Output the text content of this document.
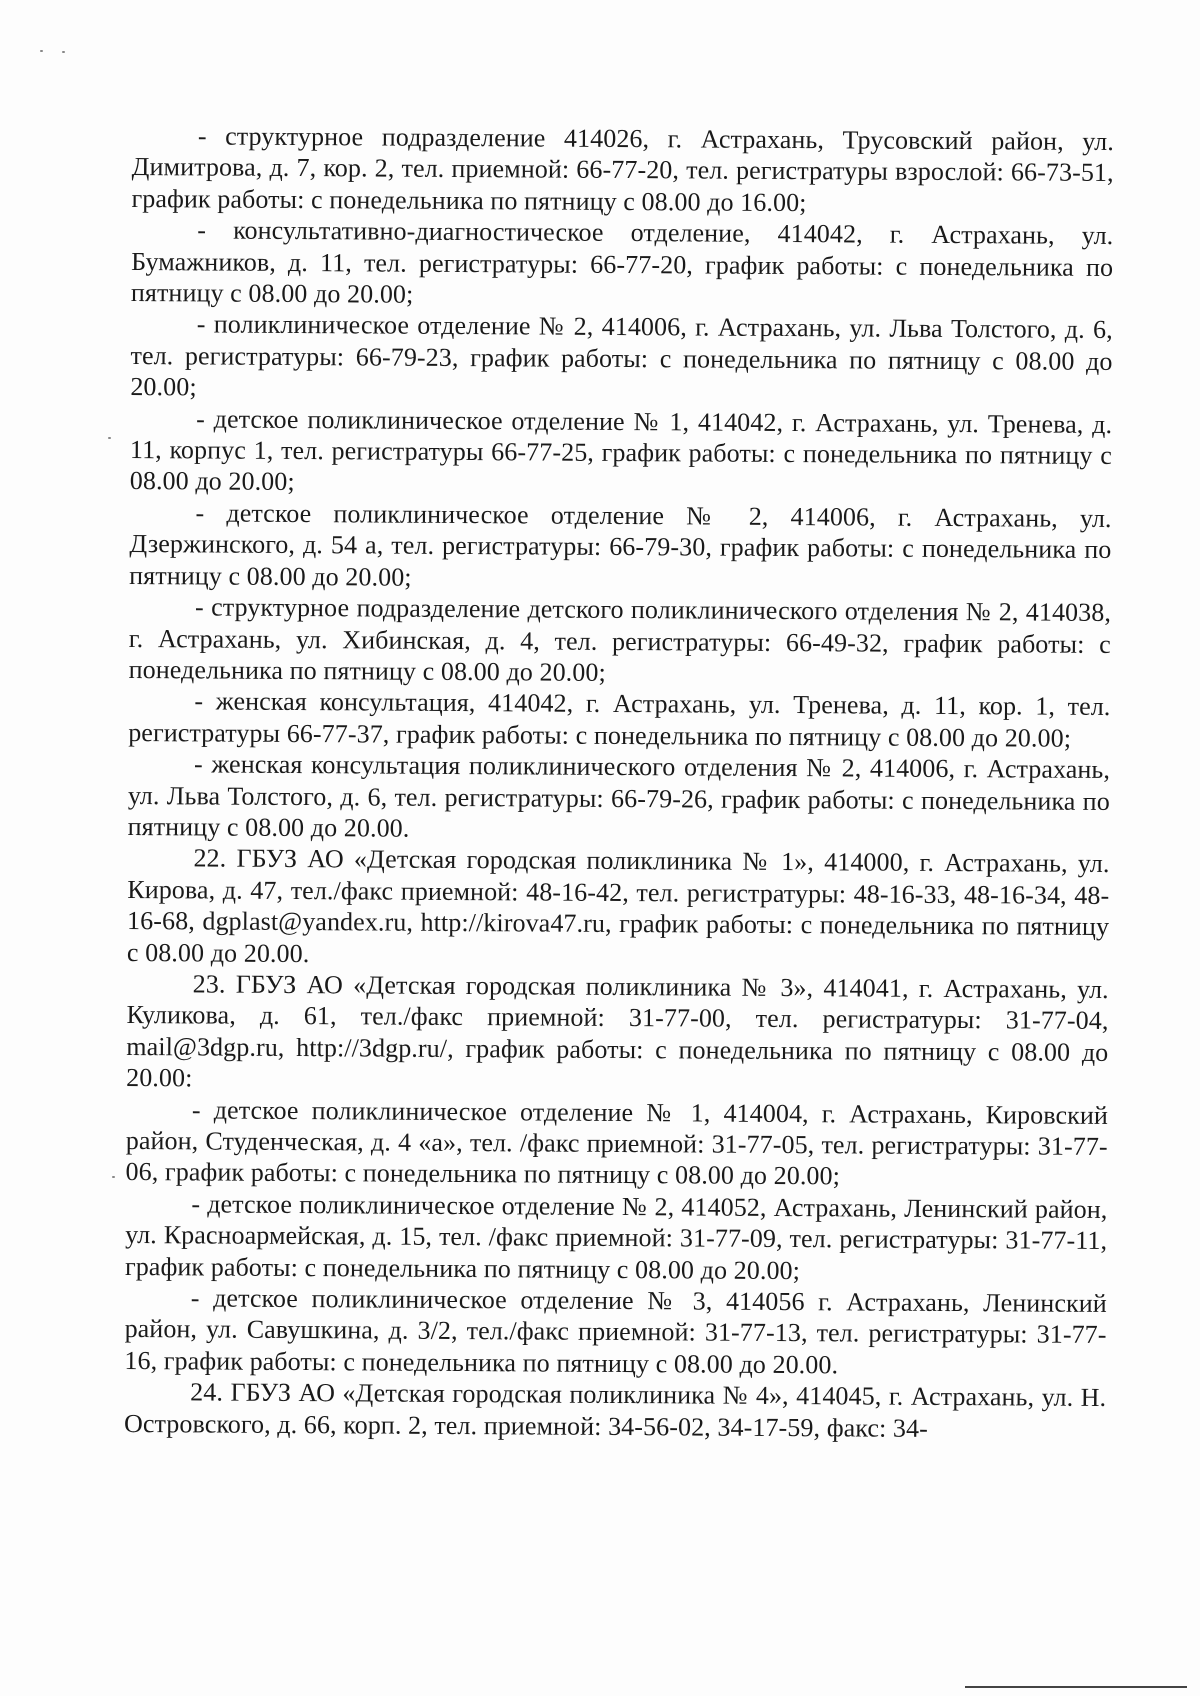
- структурное подразделение 414026, г. Астрахань, Трусовский район, ул. Димитрова, д. 7, кор. 2, тел. приемной: 66-77-20, тел. регистратуры взрослой: 66-73-51, график работы: с понедельника по пятницу с 08.00 до 16.00;

- консультативно-диагностическое отделение, 414042, г. Астрахань, ул. Бумажников, д. 11, тел. регистратуры: 66-77-20, график работы: с понедельника по пятницу с 08.00 до 20.00;

- поликлиническое отделение № 2, 414006, г. Астрахань, ул. Льва Толстого, д. 6, тел. регистратуры: 66-79-23, график работы: с понедельника по пятницу с 08.00 до 20.00;

- детское поликлиническое отделение № 1, 414042, г. Астрахань, ул. Тренева, д. 11, корпус 1, тел. регистратуры 66-77-25, график работы: с понедельника по пятницу с 08.00 до 20.00;

- детское поликлиническое отделение № 2, 414006, г. Астрахань, ул. Дзержинского, д. 54 а, тел. регистратуры: 66-79-30, график работы: с понедельника по пятницу с 08.00 до 20.00;

- структурное подразделение детского поликлинического отделения № 2, 414038, г. Астрахань, ул. Хибинская, д. 4, тел. регистратуры: 66-49-32, график работы: с понедельника по пятницу с 08.00 до 20.00;

- женская консультация, 414042, г. Астрахань, ул. Тренева, д. 11, кор. 1, тел. регистратуры 66-77-37, график работы: с понедельника по пятницу с 08.00 до 20.00;

- женская консультация поликлинического отделения № 2, 414006, г. Астрахань, ул. Льва Толстого, д. 6, тел. регистратуры: 66-79-26, график работы: с понедельника по пятницу с 08.00 до 20.00.

22. ГБУЗ АО «Детская городская поликлиника № 1», 414000, г. Астрахань, ул. Кирова, д. 47, тел./факс приемной: 48-16-42, тел. регистратуры: 48-16-33, 48-16-34, 48-16-68, dgplast@yandex.ru, http://kirova47.ru, график работы: с понедельника по пятницу с 08.00 до 20.00.

23. ГБУЗ АО «Детская городская поликлиника № 3», 414041, г. Астрахань, ул. Куликова, д. 61, тел./факс приемной: 31-77-00, тел. регистратуры: 31-77-04, mail@3dgp.ru, http://3dgp.ru/, график работы: с понедельника по пятницу с 08.00 до 20.00:

- детское поликлиническое отделение № 1, 414004, г. Астрахань, Кировский район, Студенческая, д. 4 «а», тел. /факс приемной: 31-77-05, тел. регистратуры: 31-77-06, график работы: с понедельника по пятницу с 08.00 до 20.00;

- детское поликлиническое отделение № 2, 414052, Астрахань, Ленинский район, ул. Красноармейская, д. 15, тел. /факс приемной: 31-77-09, тел. регистратуры: 31-77-11, график работы: с понедельника по пятницу с 08.00 до 20.00;

- детское поликлиническое отделение № 3, 414056 г. Астрахань, Ленинский район, ул. Савушкина, д. 3/2, тел./факс приемной: 31-77-13, тел. регистратуры: 31-77-16, график работы: с понедельника по пятницу с 08.00 до 20.00.

24. ГБУЗ АО «Детская городская поликлиника № 4», 414045, г. Астрахань, ул. Н. Островского, д. 66, корп. 2, тел. приемной: 34-56-02, 34-17-59, факс: 34-
